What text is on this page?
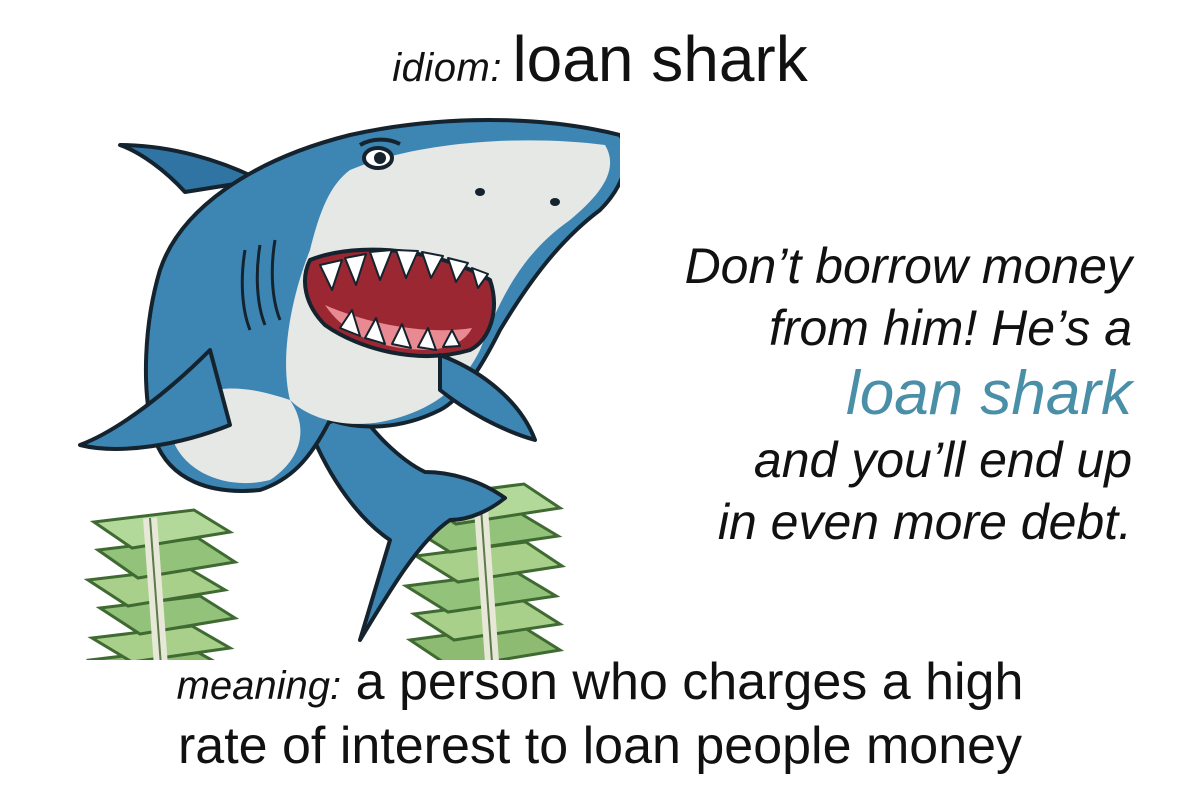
idiom: loan shark
Don’t borrow money
from him! He’s a
loan shark
and you’ll end up
in even more debt.
meaning: a person who charges a high
rate of interest to loan people money
